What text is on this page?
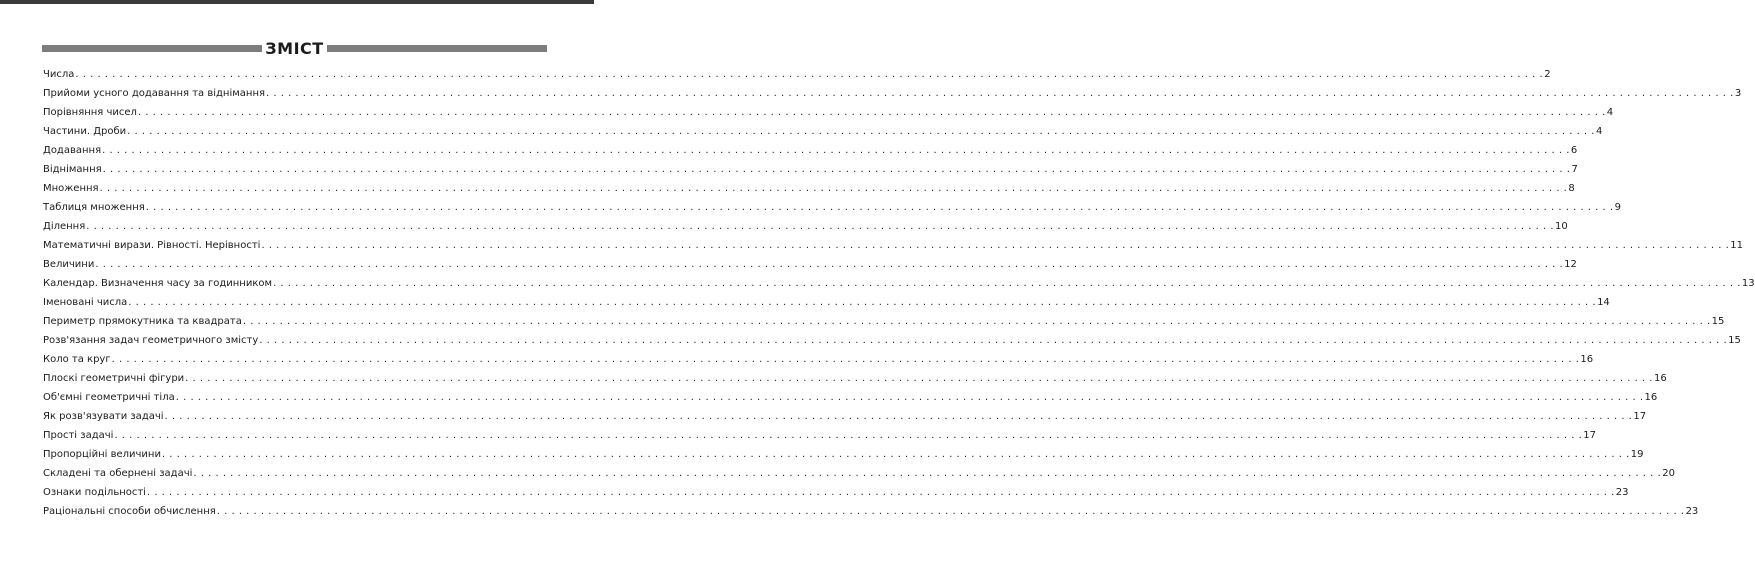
ЗМІСТ
Числа . . . . . . . . . . . . . . . . . . . . . . . . . . . . . . . . . . . . . . . . . . . . . . . . . . . . . . . . . . . . . . . . . . . . . . . . . . . . . . . . . . . . . . . . . . . . . . . . . . . . . . . . . . . . . . . . . . . . . . . . . . . . . . . . . . . . . . . . . . . . . . . . . . . . . . . . . . . . . . . . . . . . . . . . . . . . . . . . . . . . . . . . . . . . . . . . . . . . . . . . 2
Прийоми усного додавання та віднімання . . . . . . . . . . . . . . . . . . . . . . . . . . . . . . . . . . . . . . . . . . . . . . . . . . . . . . . . . . . . . . . . . . . . . . . . . . . . . . . . . . . . . . . . . . . . . . . . . . . . . . . . . . . . . . . . . . . . . . . . . . . . . . . . . . . . . . . . . . . . . . . . . . . . . . . . . . . . . . . . . . . . . . . . . . . . . . . . . . . . . . . . . . . . . . . . . . . . . . . . 3
Порівняння чисел . . . . . . . . . . . . . . . . . . . . . . . . . . . . . . . . . . . . . . . . . . . . . . . . . . . . . . . . . . . . . . . . . . . . . . . . . . . . . . . . . . . . . . . . . . . . . . . . . . . . . . . . . . . . . . . . . . . . . . . . . . . . . . . . . . . . . . . . . . . . . . . . . . . . . . . . . . . . . . . . . . . . . . . . . . . . . . . . . . . . . . . . . . . . . . . . . . . . . . . . 4
Частини. Дроби . . . . . . . . . . . . . . . . . . . . . . . . . . . . . . . . . . . . . . . . . . . . . . . . . . . . . . . . . . . . . . . . . . . . . . . . . . . . . . . . . . . . . . . . . . . . . . . . . . . . . . . . . . . . . . . . . . . . . . . . . . . . . . . . . . . . . . . . . . . . . . . . . . . . . . . . . . . . . . . . . . . . . . . . . . . . . . . . . . . . . . . . . . . . . . . . . . . . . . . . 4
Додавання . . . . . . . . . . . . . . . . . . . . . . . . . . . . . . . . . . . . . . . . . . . . . . . . . . . . . . . . . . . . . . . . . . . . . . . . . . . . . . . . . . . . . . . . . . . . . . . . . . . . . . . . . . . . . . . . . . . . . . . . . . . . . . . . . . . . . . . . . . . . . . . . . . . . . . . . . . . . . . . . . . . . . . . . . . . . . . . . . . . . . . . . . . . . . . . . . . . . . . . . 6
Віднімання . . . . . . . . . . . . . . . . . . . . . . . . . . . . . . . . . . . . . . . . . . . . . . . . . . . . . . . . . . . . . . . . . . . . . . . . . . . . . . . . . . . . . . . . . . . . . . . . . . . . . . . . . . . . . . . . . . . . . . . . . . . . . . . . . . . . . . . . . . . . . . . . . . . . . . . . . . . . . . . . . . . . . . . . . . . . . . . . . . . . . . . . . . . . . . . . . . . . . . . . 7
Множення . . . . . . . . . . . . . . . . . . . . . . . . . . . . . . . . . . . . . . . . . . . . . . . . . . . . . . . . . . . . . . . . . . . . . . . . . . . . . . . . . . . . . . . . . . . . . . . . . . . . . . . . . . . . . . . . . . . . . . . . . . . . . . . . . . . . . . . . . . . . . . . . . . . . . . . . . . . . . . . . . . . . . . . . . . . . . . . . . . . . . . . . . . . . . . . . . . . . . . . . 8
Таблиця множення . . . . . . . . . . . . . . . . . . . . . . . . . . . . . . . . . . . . . . . . . . . . . . . . . . . . . . . . . . . . . . . . . . . . . . . . . . . . . . . . . . . . . . . . . . . . . . . . . . . . . . . . . . . . . . . . . . . . . . . . . . . . . . . . . . . . . . . . . . . . . . . . . . . . . . . . . . . . . . . . . . . . . . . . . . . . . . . . . . . . . . . . . . . . . . . . . . . . . . . . 9
Ділення . . . . . . . . . . . . . . . . . . . . . . . . . . . . . . . . . . . . . . . . . . . . . . . . . . . . . . . . . . . . . . . . . . . . . . . . . . . . . . . . . . . . . . . . . . . . . . . . . . . . . . . . . . . . . . . . . . . . . . . . . . . . . . . . . . . . . . . . . . . . . . . . . . . . . . . . . . . . . . . . . . . . . . . . . . . . . . . . . . . . . . . . . . . . . . . . . . . . . . . . 10
Математичні вирази. Рівності. Нерівності . . . . . . . . . . . . . . . . . . . . . . . . . . . . . . . . . . . . . . . . . . . . . . . . . . . . . . . . . . . . . . . . . . . . . . . . . . . . . . . . . . . . . . . . . . . . . . . . . . . . . . . . . . . . . . . . . . . . . . . . . . . . . . . . . . . . . . . . . . . . . . . . . . . . . . . . . . . . . . . . . . . . . . . . . . . . . . . . . . . . . . . . . . . . . . . . . . . . . . . . 11
Величини . . . . . . . . . . . . . . . . . . . . . . . . . . . . . . . . . . . . . . . . . . . . . . . . . . . . . . . . . . . . . . . . . . . . . . . . . . . . . . . . . . . . . . . . . . . . . . . . . . . . . . . . . . . . . . . . . . . . . . . . . . . . . . . . . . . . . . . . . . . . . . . . . . . . . . . . . . . . . . . . . . . . . . . . . . . . . . . . . . . . . . . . . . . . . . . . . . . . . . . . 12
Календар. Визначення часу за годинником . . . . . . . . . . . . . . . . . . . . . . . . . . . . . . . . . . . . . . . . . . . . . . . . . . . . . . . . . . . . . . . . . . . . . . . . . . . . . . . . . . . . . . . . . . . . . . . . . . . . . . . . . . . . . . . . . . . . . . . . . . . . . . . . . . . . . . . . . . . . . . . . . . . . . . . . . . . . . . . . . . . . . . . . . . . . . . . . . . . . . . . . . . . . . . . . . . . . . . . . 13
Іменовані числа . . . . . . . . . . . . . . . . . . . . . . . . . . . . . . . . . . . . . . . . . . . . . . . . . . . . . . . . . . . . . . . . . . . . . . . . . . . . . . . . . . . . . . . . . . . . . . . . . . . . . . . . . . . . . . . . . . . . . . . . . . . . . . . . . . . . . . . . . . . . . . . . . . . . . . . . . . . . . . . . . . . . . . . . . . . . . . . . . . . . . . . . . . . . . . . . . . . . . . . . 14
Периметр прямокутника та квадрата . . . . . . . . . . . . . . . . . . . . . . . . . . . . . . . . . . . . . . . . . . . . . . . . . . . . . . . . . . . . . . . . . . . . . . . . . . . . . . . . . . . . . . . . . . . . . . . . . . . . . . . . . . . . . . . . . . . . . . . . . . . . . . . . . . . . . . . . . . . . . . . . . . . . . . . . . . . . . . . . . . . . . . . . . . . . . . . . . . . . . . . . . . . . . . . . . . . . . . . . 15
Розв'язання задач геометричного змісту . . . . . . . . . . . . . . . . . . . . . . . . . . . . . . . . . . . . . . . . . . . . . . . . . . . . . . . . . . . . . . . . . . . . . . . . . . . . . . . . . . . . . . . . . . . . . . . . . . . . . . . . . . . . . . . . . . . . . . . . . . . . . . . . . . . . . . . . . . . . . . . . . . . . . . . . . . . . . . . . . . . . . . . . . . . . . . . . . . . . . . . . . . . . . . . . . . . . . . . . 15
Коло та круг . . . . . . . . . . . . . . . . . . . . . . . . . . . . . . . . . . . . . . . . . . . . . . . . . . . . . . . . . . . . . . . . . . . . . . . . . . . . . . . . . . . . . . . . . . . . . . . . . . . . . . . . . . . . . . . . . . . . . . . . . . . . . . . . . . . . . . . . . . . . . . . . . . . . . . . . . . . . . . . . . . . . . . . . . . . . . . . . . . . . . . . . . . . . . . . . . . . . . . . . 16
Плоскі геометричні фігури . . . . . . . . . . . . . . . . . . . . . . . . . . . . . . . . . . . . . . . . . . . . . . . . . . . . . . . . . . . . . . . . . . . . . . . . . . . . . . . . . . . . . . . . . . . . . . . . . . . . . . . . . . . . . . . . . . . . . . . . . . . . . . . . . . . . . . . . . . . . . . . . . . . . . . . . . . . . . . . . . . . . . . . . . . . . . . . . . . . . . . . . . . . . . . . . . . . . . . . . 16
Об'ємні геометричні тіла . . . . . . . . . . . . . . . . . . . . . . . . . . . . . . . . . . . . . . . . . . . . . . . . . . . . . . . . . . . . . . . . . . . . . . . . . . . . . . . . . . . . . . . . . . . . . . . . . . . . . . . . . . . . . . . . . . . . . . . . . . . . . . . . . . . . . . . . . . . . . . . . . . . . . . . . . . . . . . . . . . . . . . . . . . . . . . . . . . . . . . . . . . . . . . . . . . . . . . . . 16
Як розв'язувати задачі . . . . . . . . . . . . . . . . . . . . . . . . . . . . . . . . . . . . . . . . . . . . . . . . . . . . . . . . . . . . . . . . . . . . . . . . . . . . . . . . . . . . . . . . . . . . . . . . . . . . . . . . . . . . . . . . . . . . . . . . . . . . . . . . . . . . . . . . . . . . . . . . . . . . . . . . . . . . . . . . . . . . . . . . . . . . . . . . . . . . . . . . . . . . . . . . . . . . . . . . 17
Прості задачі . . . . . . . . . . . . . . . . . . . . . . . . . . . . . . . . . . . . . . . . . . . . . . . . . . . . . . . . . . . . . . . . . . . . . . . . . . . . . . . . . . . . . . . . . . . . . . . . . . . . . . . . . . . . . . . . . . . . . . . . . . . . . . . . . . . . . . . . . . . . . . . . . . . . . . . . . . . . . . . . . . . . . . . . . . . . . . . . . . . . . . . . . . . . . . . . . . . . . . . . 17
Пропорційні величини . . . . . . . . . . . . . . . . . . . . . . . . . . . . . . . . . . . . . . . . . . . . . . . . . . . . . . . . . . . . . . . . . . . . . . . . . . . . . . . . . . . . . . . . . . . . . . . . . . . . . . . . . . . . . . . . . . . . . . . . . . . . . . . . . . . . . . . . . . . . . . . . . . . . . . . . . . . . . . . . . . . . . . . . . . . . . . . . . . . . . . . . . . . . . . . . . . . . . . . . 19
Складені та обернені задачі . . . . . . . . . . . . . . . . . . . . . . . . . . . . . . . . . . . . . . . . . . . . . . . . . . . . . . . . . . . . . . . . . . . . . . . . . . . . . . . . . . . . . . . . . . . . . . . . . . . . . . . . . . . . . . . . . . . . . . . . . . . . . . . . . . . . . . . . . . . . . . . . . . . . . . . . . . . . . . . . . . . . . . . . . . . . . . . . . . . . . . . . . . . . . . . . . . . . . . . . 20
Ознаки подільності . . . . . . . . . . . . . . . . . . . . . . . . . . . . . . . . . . . . . . . . . . . . . . . . . . . . . . . . . . . . . . . . . . . . . . . . . . . . . . . . . . . . . . . . . . . . . . . . . . . . . . . . . . . . . . . . . . . . . . . . . . . . . . . . . . . . . . . . . . . . . . . . . . . . . . . . . . . . . . . . . . . . . . . . . . . . . . . . . . . . . . . . . . . . . . . . . . . . . . . . 23
Раціональні способи обчислення . . . . . . . . . . . . . . . . . . . . . . . . . . . . . . . . . . . . . . . . . . . . . . . . . . . . . . . . . . . . . . . . . . . . . . . . . . . . . . . . . . . . . . . . . . . . . . . . . . . . . . . . . . . . . . . . . . . . . . . . . . . . . . . . . . . . . . . . . . . . . . . . . . . . . . . . . . . . . . . . . . . . . . . . . . . . . . . . . . . . . . . . . . . . . . . . . . . . . . . . 23
